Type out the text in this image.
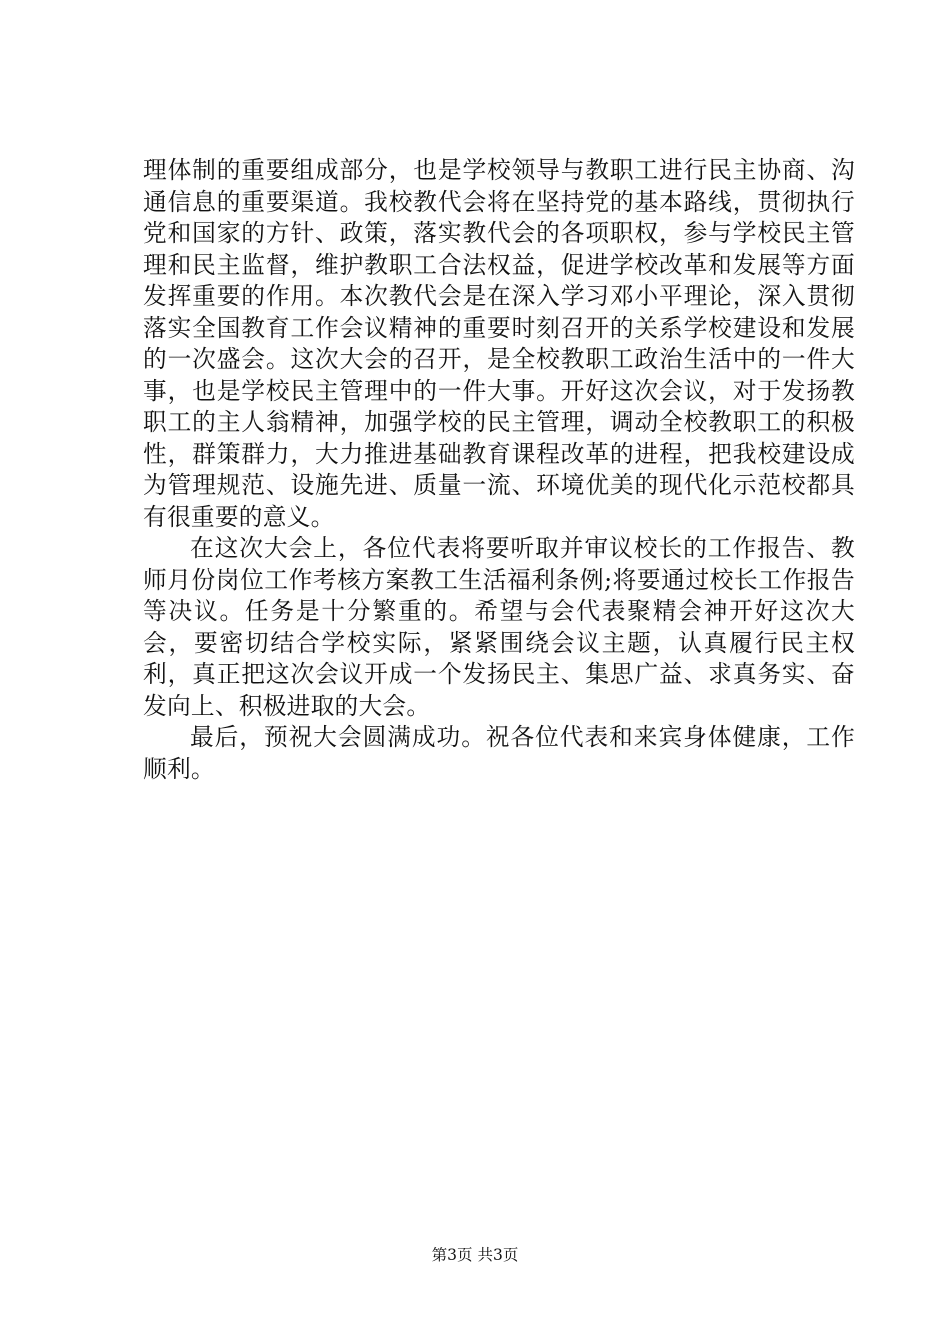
理体制的重要组成部分，也是学校领导与教职工进行民主协商、沟通信息的重要渠道。我校教代会将在坚持党的基本路线，贯彻执行党和国家的方针、政策，落实教代会的各项职权，参与学校民主管理和民主监督，维护教职工合法权益，促进学校改革和发展等方面发挥重要的作用。本次教代会是在深入学习邓小平理论，深入贯彻落实全国教育工作会议精神的重要时刻召开的关系学校建设和发展的一次盛会。这次大会的召开，是全校教职工政治生活中的一件大事，也是学校民主管理中的一件大事。开好这次会议，对于发扬教职工的主人翁精神，加强学校的民主管理，调动全校教职工的积极性，群策群力，大力推进基础教育课程改革的进程，把我校建设成为管理规范、设施先进、质量一流、环境优美的现代化示范校都具有很重要的意义。

在这次大会上，各位代表将要听取并审议校长的工作报告、教师月份岗位工作考核方案教工生活福利条例;将要通过校长工作报告等决议。任务是十分繁重的。希望与会代表聚精会神开好这次大会，要密切结合学校实际，紧紧围绕会议主题，认真履行民主权利，真正把这次会议开成一个发扬民主、集思广益、求真务实、奋发向上、积极进取的大会。

最后，预祝大会圆满成功。祝各位代表和来宾身体健康，工作顺利。

第3页 共3页
